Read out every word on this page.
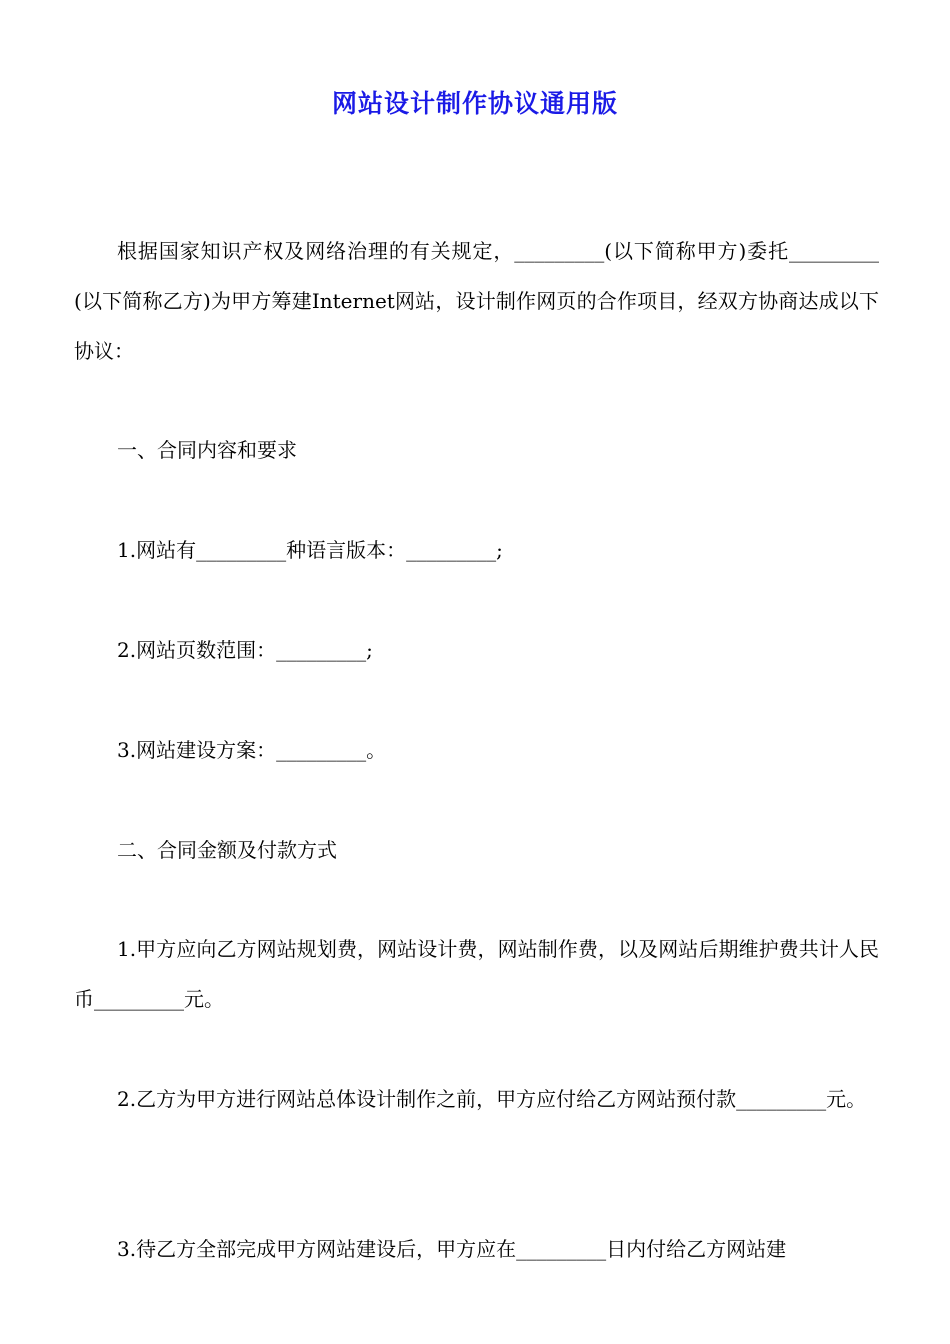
网站设计制作协议通用版
根据国家知识产权及网络治理的有关规定，_________(以下简称甲方)委托_________(以下简称乙方)为甲方筹建Internet网站，设计制作网页的合作项目，经双方协商达成以下协议：
一、合同内容和要求
1.网站有_________种语言版本：_________;
2.网站页数范围：_________;
3.网站建设方案：_________。
二、合同金额及付款方式
1.甲方应向乙方网站规划费，网站设计费，网站制作费，以及网站后期维护费共计人民币_________元。
2.乙方为甲方进行网站总体设计制作之前，甲方应付给乙方网站预付款_________元。
3.待乙方全部完成甲方网站建设后，甲方应在_________日内付给乙方网站建
